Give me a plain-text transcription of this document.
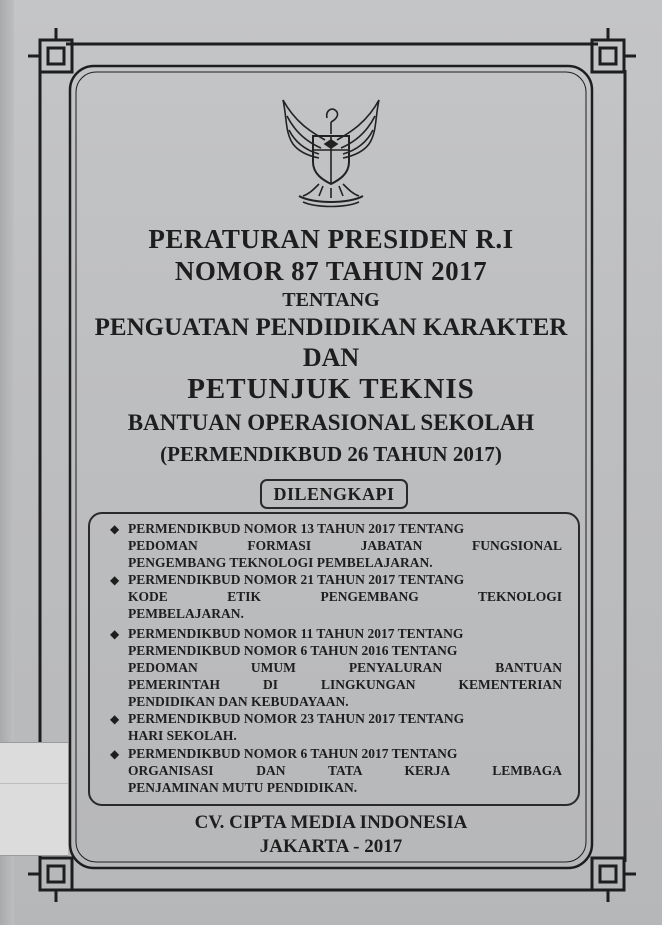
PERATURAN PRESIDEN R.I
NOMOR 87 TAHUN 2017
TENTANG
PENGUATAN PENDIDIKAN KARAKTER
DAN
PETUNJUK TEKNIS
BANTUAN OPERASIONAL SEKOLAH
(PERMENDIKBUD 26 TAHUN 2017)
DILENGKAPI
◆ PERMENDIKBUD NOMOR 13 TAHUN 2017 TENTANG
PEDOMAN FORMASI JABATAN FUNGSIONAL
PENGEMBANG TEKNOLOGI PEMBELAJARAN.
◆ PERMENDIKBUD NOMOR 21 TAHUN 2017 TENTANG
KODE ETIK PENGEMBANG TEKNOLOGI
PEMBELAJARAN.
◆ PERMENDIKBUD NOMOR 11 TAHUN 2017 TENTANG
PERMENDIKBUD NOMOR 6 TAHUN 2016 TENTANG
PEDOMAN UMUM PENYALURAN BANTUAN
PEMERINTAH DI LINGKUNGAN KEMENTERIAN
PENDIDIKAN DAN KEBUDAYAAN.
◆ PERMENDIKBUD NOMOR 23 TAHUN 2017 TENTANG
HARI SEKOLAH.
◆ PERMENDIKBUD NOMOR 6 TAHUN 2017 TENTANG
ORGANISASI DAN TATA KERJA LEMBAGA
PENJAMINAN MUTU PENDIDIKAN.
CV. CIPTA MEDIA INDONESIA
JAKARTA - 2017
